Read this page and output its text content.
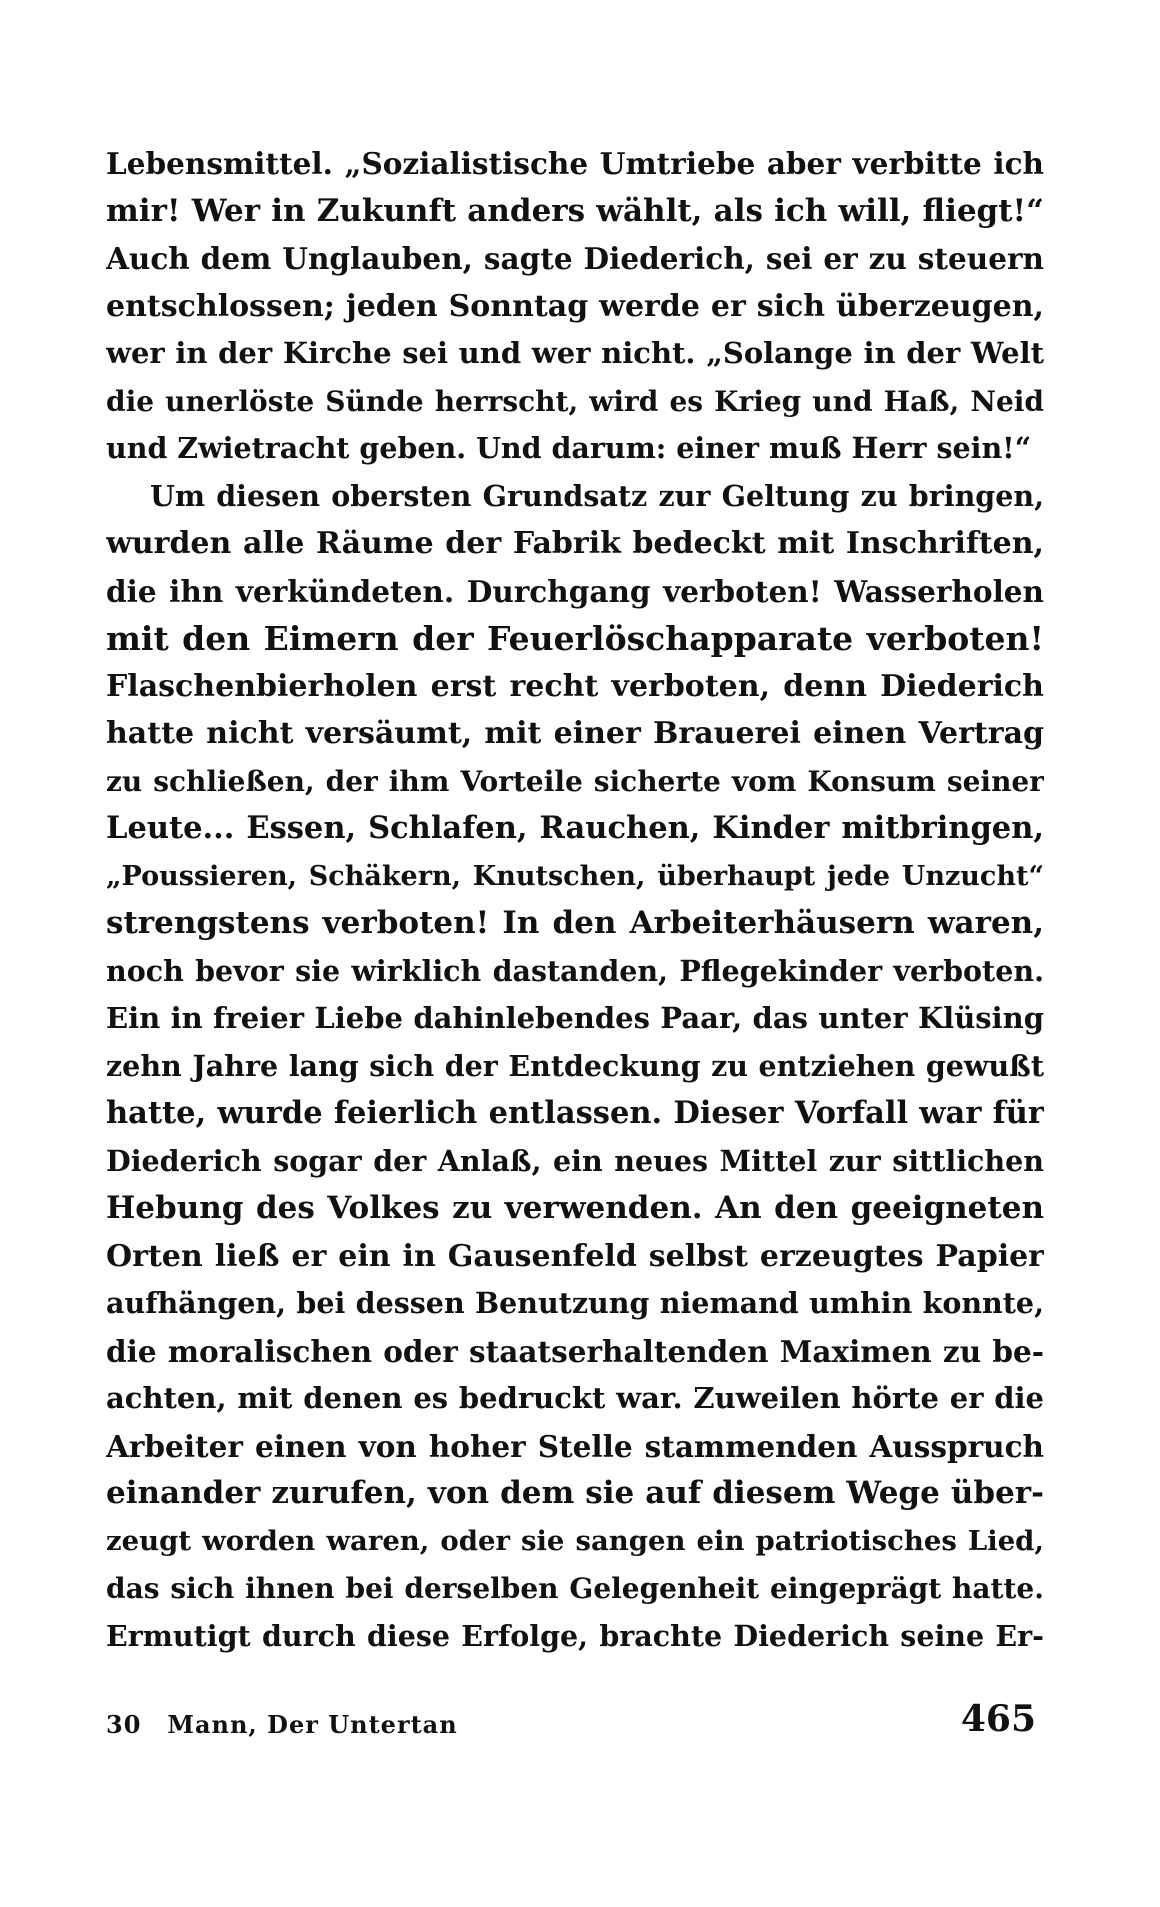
Lebensmittel. „Sozialistische Umtriebe aber verbitte ich
mir! Wer in Zukunft anders wählt, als ich will, fliegt!“
Auch dem Unglauben, sagte Diederich, sei er zu steuern
entschlossen; jeden Sonntag werde er sich überzeugen,
wer in der Kirche sei und wer nicht. „Solange in der Welt
die unerlöste Sünde herrscht, wird es Krieg und Haß, Neid
und Zwietracht geben. Und darum: einer muß Herr sein!“
Um diesen obersten Grundsatz zur Geltung zu bringen,
wurden alle Räume der Fabrik bedeckt mit Inschriften,
die ihn verkündeten. Durchgang verboten! Wasserholen
mit den Eimern der Feuerlöschapparate verboten!
Flaschenbierholen erst recht verboten, denn Diederich
hatte nicht versäumt, mit einer Brauerei einen Vertrag
zu schließen, der ihm Vorteile sicherte vom Konsum seiner
Leute... Essen, Schlafen, Rauchen, Kinder mitbringen,
„Poussieren, Schäkern, Knutschen, überhaupt jede Unzucht“
strengstens verboten! In den Arbeiterhäusern waren,
noch bevor sie wirklich dastanden, Pflegekinder verboten.
Ein in freier Liebe dahinlebendes Paar, das unter Klüsing
zehn Jahre lang sich der Entdeckung zu entziehen gewußt
hatte, wurde feierlich entlassen. Dieser Vorfall war für
Diederich sogar der Anlaß, ein neues Mittel zur sittlichen
Hebung des Volkes zu verwenden. An den geeigneten
Orten ließ er ein in Gausenfeld selbst erzeugtes Papier
aufhängen, bei dessen Benutzung niemand umhin konnte,
die moralischen oder staatserhaltenden Maximen zu be-
achten, mit denen es bedruckt war. Zuweilen hörte er die
Arbeiter einen von hoher Stelle stammenden Ausspruch
einander zurufen, von dem sie auf diesem Wege über-
zeugt worden waren, oder sie sangen ein patriotisches Lied,
das sich ihnen bei derselben Gelegenheit eingeprägt hatte.
Ermutigt durch diese Erfolge, brachte Diederich seine Er-
30 Mann, Der Untertan	465
